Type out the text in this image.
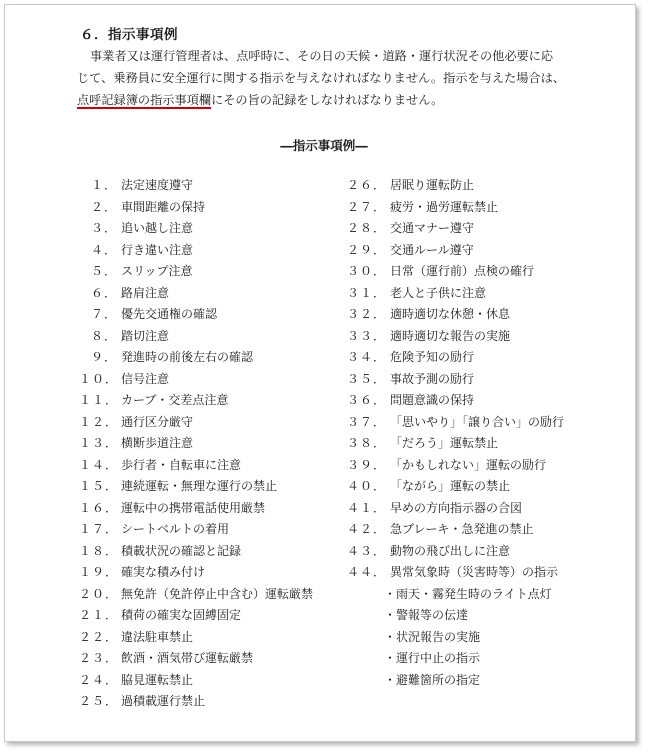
６．指示事項例

事業者又は運行管理者は、点呼時に、その日の天候・道路・運行状況その他必要に応
じて、乗務員に安全運行に関する指示を与えなければなりません。指示を与えた場合は、
点呼記録簿の指示事項欄にその旨の記録をしなければなりません。

―指示事項例―
１． 法定速度遵守
２． 車間距離の保持
３． 追い越し注意
４． 行き違い注意
５． スリップ注意
６． 路肩注意
７． 優先交通権の確認
８． 踏切注意
９． 発進時の前後左右の確認
１０． 信号注意
１１． カーブ・交差点注意
１２． 通行区分厳守
１３． 横断歩道注意
１４． 歩行者・自転車に注意
１５． 連続運転・無理な運行の禁止
１６． 運転中の携帯電話使用厳禁
１７． シートベルトの着用
１８． 積載状況の確認と記録
１９． 確実な積み付け
２０． 無免許（免許停止中含む）運転厳禁
２１． 積荷の確実な固縛固定
２２． 違法駐車禁止
２３． 飲酒・酒気帯び運転厳禁
２４． 脇見運転禁止
２５． 過積載運行禁止
２６． 居眠り運転防止
２７． 疲労・過労運転禁止
２８． 交通マナー遵守
２９． 交通ルール遵守
３０． 日常（運行前）点検の確行
３１． 老人と子供に注意
３２． 適時適切な休憩・休息
３３． 適時適切な報告の実施
３４． 危険予知の励行
３５． 事故予測の励行
３６． 問題意識の保持
３７． 「思いやり」「譲り合い」の励行
３８． 「だろう」運転禁止
３９． 「かもしれない」運転の励行
４０． 「ながら」運転の禁止
４１． 早めの方向指示器の合図
４２． 急ブレーキ・急発進の禁止
４３． 動物の飛び出しに注意
４４． 異常気象時（災害時等）の指示
・雨天・霧発生時のライト点灯
・警報等の伝達
・状況報告の実施
・運行中止の指示
・避難箇所の指定
